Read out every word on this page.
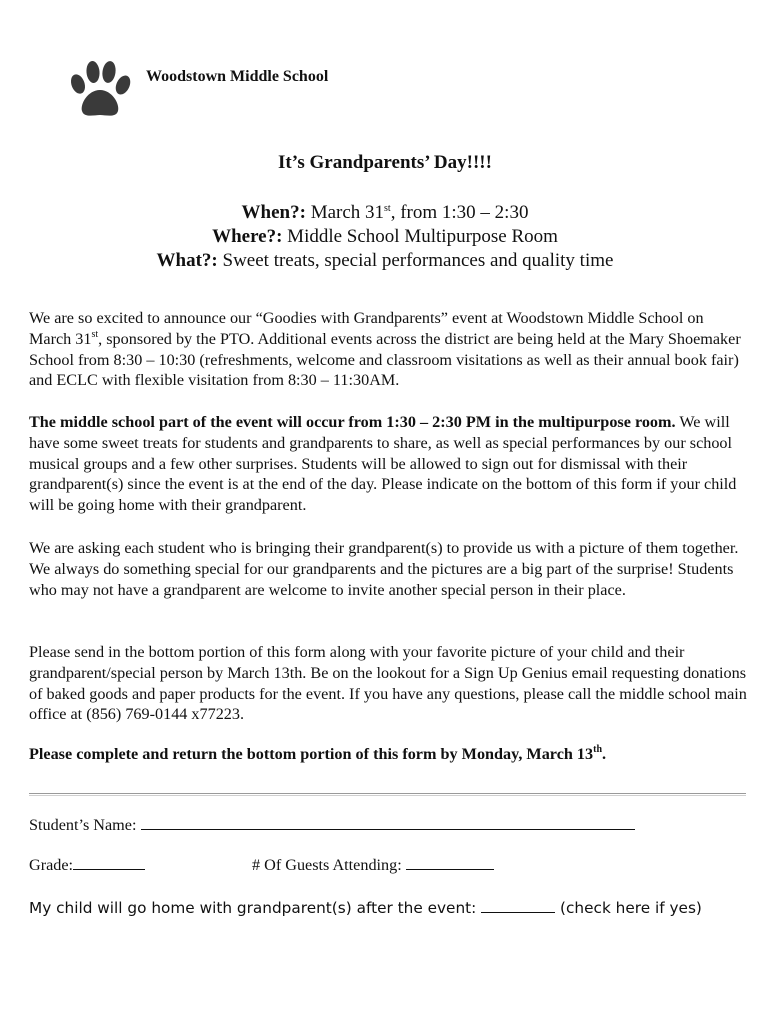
Woodstown Middle School
It’s Grandparents’ Day!!!!
When?: March 31st, from 1:30 – 2:30
Where?: Middle School Multipurpose Room
What?: Sweet treats, special performances and quality time
We are so excited to announce our “Goodies with Grandparents” event at Woodstown Middle School on March 31st, sponsored by the PTO. Additional events across the district are being held at the Mary Shoemaker School from 8:30 – 10:30 (refreshments, welcome and classroom visitations as well as their annual book fair) and ECLC with flexible visitation from 8:30 – 11:30AM.
The middle school part of the event will occur from 1:30 – 2:30 PM in the multipurpose room. We will have some sweet treats for students and grandparents to share, as well as special performances by our school musical groups and a few other surprises. Students will be allowed to sign out for dismissal with their grandparent(s) since the event is at the end of the day. Please indicate on the bottom of this form if your child will be going home with their grandparent.
We are asking each student who is bringing their grandparent(s) to provide us with a picture of them together. We always do something special for our grandparents and the pictures are a big part of the surprise! Students who may not have a grandparent are welcome to invite another special person in their place.
Please send in the bottom portion of this form along with your favorite picture of your child and their grandparent/special person by March 13th. Be on the lookout for a Sign Up Genius email requesting donations of baked goods and paper products for the event. If you have any questions, please call the middle school main office at (856) 769-0144 x77223.
Please complete and return the bottom portion of this form by Monday, March 13th.
Student’s Name:
Grade:	# Of Guests Attending:
My child will go home with grandparent(s) after the event:	(check here if yes)
